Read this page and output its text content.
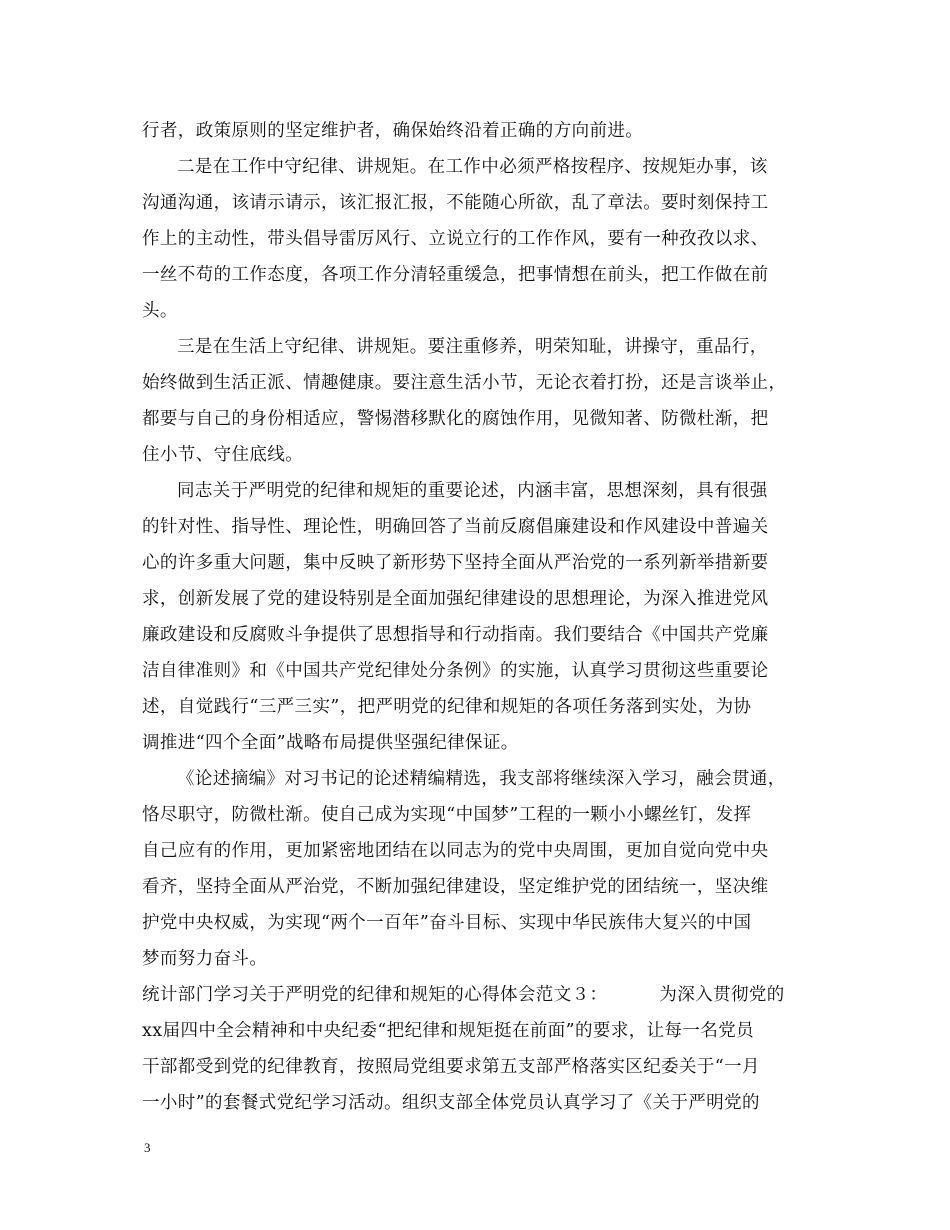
行者，政策原则的坚定维护者，确保始终沿着正确的方向前进。
二是在工作中守纪律、讲规矩。在工作中必须严格按程序、按规矩办事，该
沟通沟通，该请示请示，该汇报汇报，不能随心所欲，乱了章法。要时刻保持工
作上的主动性，带头倡导雷厉风行、立说立行的工作作风，要有一种孜孜以求、
一丝不苟的工作态度，各项工作分清轻重缓急，把事情想在前头，把工作做在前
头。
三是在生活上守纪律、讲规矩。要注重修养，明荣知耻，讲操守，重品行，
始终做到生活正派、情趣健康。要注意生活小节，无论衣着打扮，还是言谈举止，
都要与自己的身份相适应，警惕潜移默化的腐蚀作用，见微知著、防微杜渐，把
住小节、守住底线。
同志关于严明党的纪律和规矩的重要论述，内涵丰富，思想深刻，具有很强
的针对性、指导性、理论性，明确回答了当前反腐倡廉建设和作风建设中普遍关
心的许多重大问题，集中反映了新形势下坚持全面从严治党的一系列新举措新要
求，创新发展了党的建设特别是全面加强纪律建设的思想理论，为深入推进党风
廉政建设和反腐败斗争提供了思想指导和行动指南。我们要结合《中国共产党廉
洁自律准则》和《中国共产党纪律处分条例》的实施，认真学习贯彻这些重要论
述，自觉践行“三严三实”，把严明党的纪律和规矩的各项任务落到实处，为协
调推进“四个全面”战略布局提供坚强纪律保证。
《论述摘编》对习书记的论述精编精选，我支部将继续深入学习，融会贯通，
恪尽职守，防微杜渐。使自己成为实现“中国梦”工程的一颗小小螺丝钉，发挥
自己应有的作用，更加紧密地团结在以同志为的党中央周围，更加自觉向党中央
看齐，坚持全面从严治党，不断加强纪律建设，坚定维护党的团结统一，坚决维
护党中央权威，为实现“两个一百年”奋斗目标、实现中华民族伟大复兴的中国
梦而努力奋斗。
统计部门学习关于严明党的纪律和规矩的心得体会范文３：	为深入贯彻党的
xx届四中全会精神和中央纪委“把纪律和规矩挺在前面”的要求，让每一名党员
干部都受到党的纪律教育，按照局党组要求第五支部严格落实区纪委关于“一月
一小时”的套餐式党纪学习活动。组织支部全体党员认真学习了《关于严明党的
3
